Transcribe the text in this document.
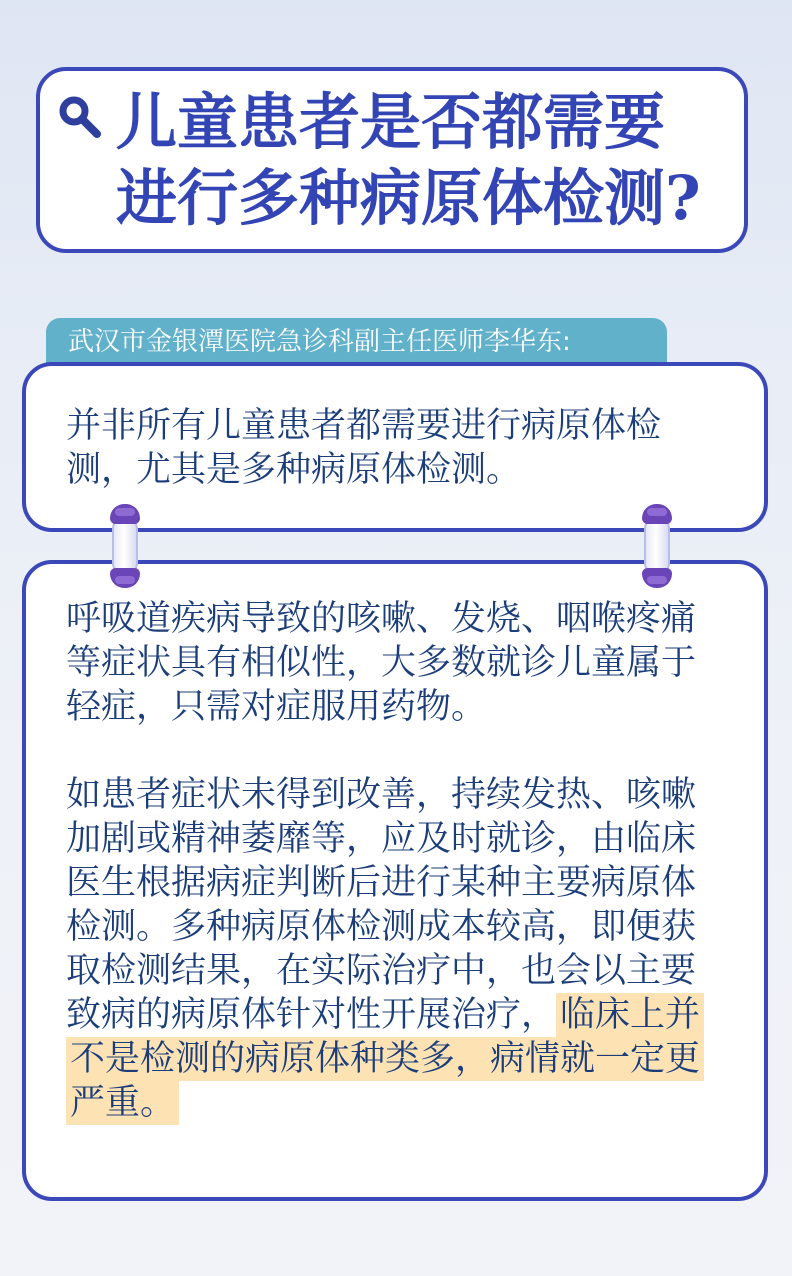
儿童患者是否都需要
进行多种病原体检测?
武汉市金银潭医院急诊科副主任医师李华东:

并非所有儿童患者都需要进行病原体检测，尤其是多种病原体检测。

呼吸道疾病导致的咳嗽、发烧、咽喉疼痛等症状具有相似性，大多数就诊儿童属于轻症，只需对症服用药物。

如患者症状未得到改善，持续发热、咳嗽加剧或精神萎靡等，应及时就诊，由临床医生根据病症判断后进行某种主要病原体检测。多种病原体检测成本较高，即便获取检测结果，在实际治疗中，也会以主要致病的病原体针对性开展治疗， 临床上并不是检测的病原体种类多，病情就一定更严重。
